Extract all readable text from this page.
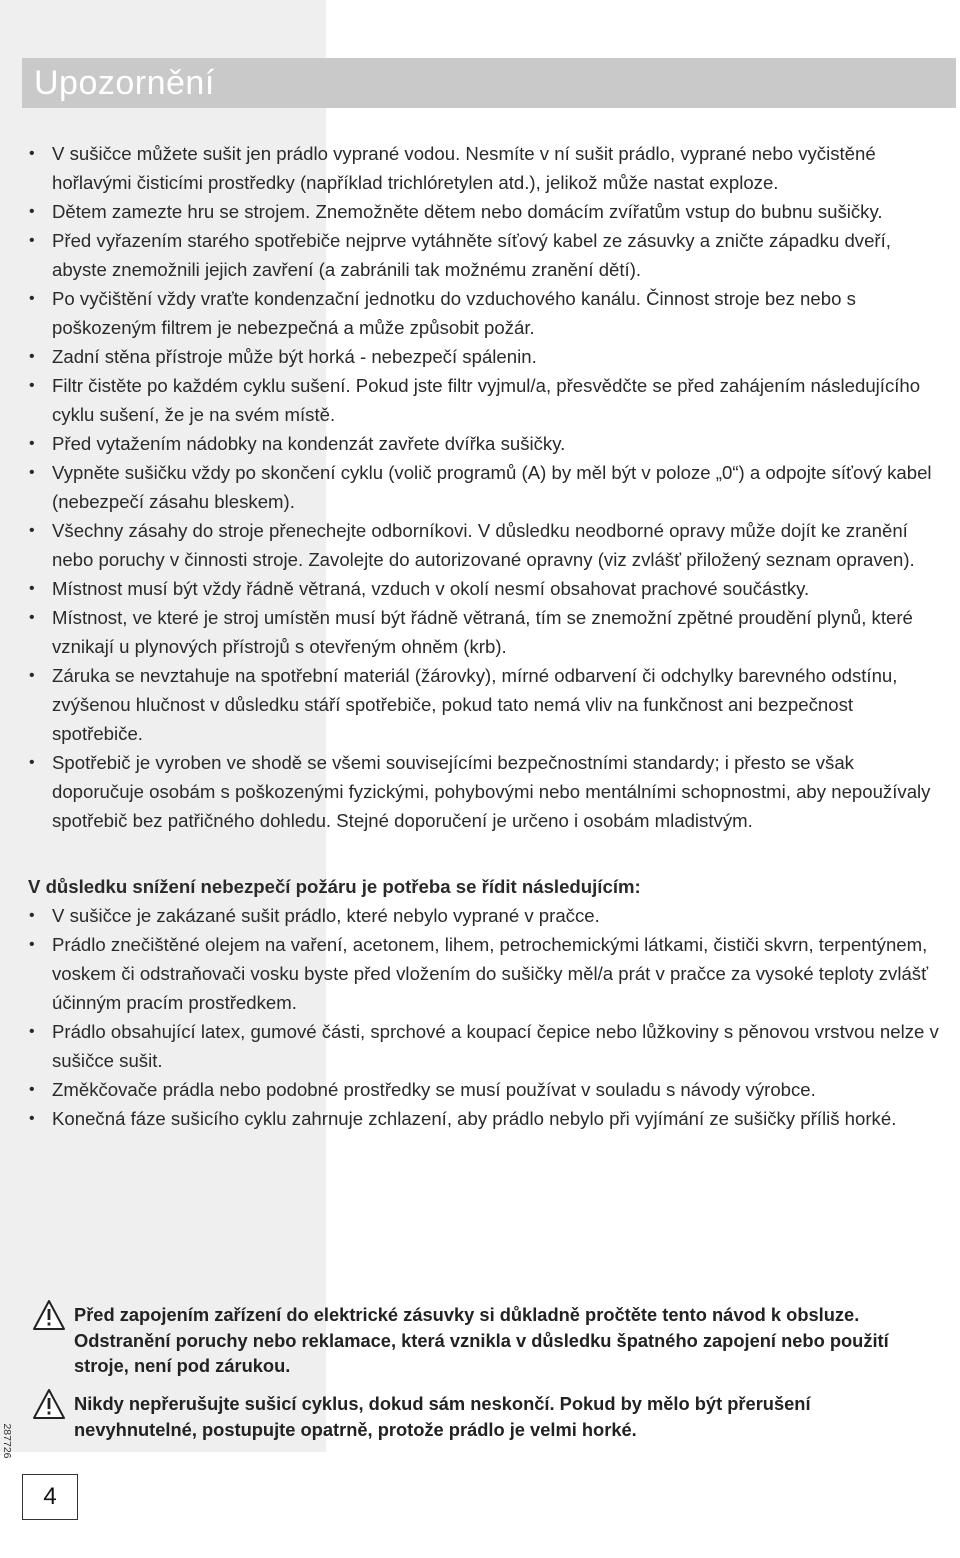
Upozornění
• V sušičce můžete sušit jen prádlo vyprané vodou. Nesmíte v ní sušit prádlo, vyprané nebo vyčistěné hořlavými čisticími prostředky (například trichlóretylen atd.), jelikož může nastat exploze.
• Dětem zamezte hru se strojem. Znemožněte dětem nebo domácím zvířatům vstup do bubnu sušičky.
• Před vyřazením starého spotřebiče nejprve vytáhněte síťový kabel ze zásuvky a zničte západku dveří, abyste znemožnili jejich zavření (a zabránili tak možnému zranění dětí).
• Po vyčištění vždy vraťte kondenzační jednotku do vzduchového kanálu. Činnost stroje bez nebo s poškozeným filtrem je nebezpečná a může způsobit požár.
• Zadní stěna přístroje může být horká - nebezpečí spálenin.
• Filtr čistěte po každém cyklu sušení. Pokud jste filtr vyjmul/a, přesvědčte se před zahájením následujícího cyklu sušení, že je na svém místě.
• Před vytažením nádobky na kondenzát zavřete dvířka sušičky.
• Vypněte sušičku vždy po skončení cyklu (volič programů (A) by měl být v poloze „0“) a odpojte síťový kabel (nebezpečí zásahu bleskem).
• Všechny zásahy do stroje přenechejte odborníkovi. V důsledku neodborné opravy může dojít ke zranění nebo poruchy v činnosti stroje. Zavolejte do autorizované opravny (viz zvlášť přiložený seznam opraven).
• Místnost musí být vždy řádně větraná, vzduch v okolí nesmí obsahovat prachové součástky.
• Místnost, ve které je stroj umístěn musí být řádně větraná, tím se znemožní zpětné proudění plynů, které vznikají u plynových přístrojů s otevřeným ohněm (krb).
• Záruka se nevztahuje na spotřební materiál (žárovky), mírné odbarvení či odchylky barevného odstínu, zvýšenou hlučnost v důsledku stáří spotřebiče, pokud tato nemá vliv na funkčnost ani bezpečnost spotřebiče.
• Spotřebič je vyroben ve shodě se všemi souvisejícími bezpečnostními standardy; i přesto se však doporučuje osobám s poškozenými fyzickými, pohybovými nebo mentálními schopnostmi, aby nepoužívaly spotřebič bez patřičného dohledu. Stejné doporučení je určeno i osobám mladistvým.
V důsledku snížení nebezpečí požáru je potřeba se řídit následujícím:
• V sušičce je zakázané sušit prádlo, které nebylo vyprané v pračce.
• Prádlo znečištěné olejem na vaření, acetonem, lihem, petrochemickými látkami, čističi skvrn, terpentýnem, voskem či odstraňovači vosku byste před vložením do sušičky měl/a prát v pračce za vysoké teploty zvlášť účinným pracím prostředkem.
• Prádlo obsahující latex, gumové části, sprchové a koupací čepice nebo lůžkoviny s pěnovou vrstvou nelze v sušičce sušit.
• Změkčovače prádla nebo podobné prostředky se musí používat v souladu s návody výrobce.
• Konečná fáze sušicího cyklu zahrnuje zchlazení, aby prádlo nebylo při vyjímání ze sušičky příliš horké.
Před zapojením zařízení do elektrické zásuvky si důkladně pročtěte tento návod k obsluze. Odstranění poruchy nebo reklamace, která vznikla v důsledku špatného zapojení nebo použití stroje, není pod zárukou.
Nikdy nepřerušujte sušicí cyklus, dokud sám neskončí. Pokud by mělo být přerušení nevyhnutelné, postupujte opatrně, protože prádlo je velmi horké.
287726
4
